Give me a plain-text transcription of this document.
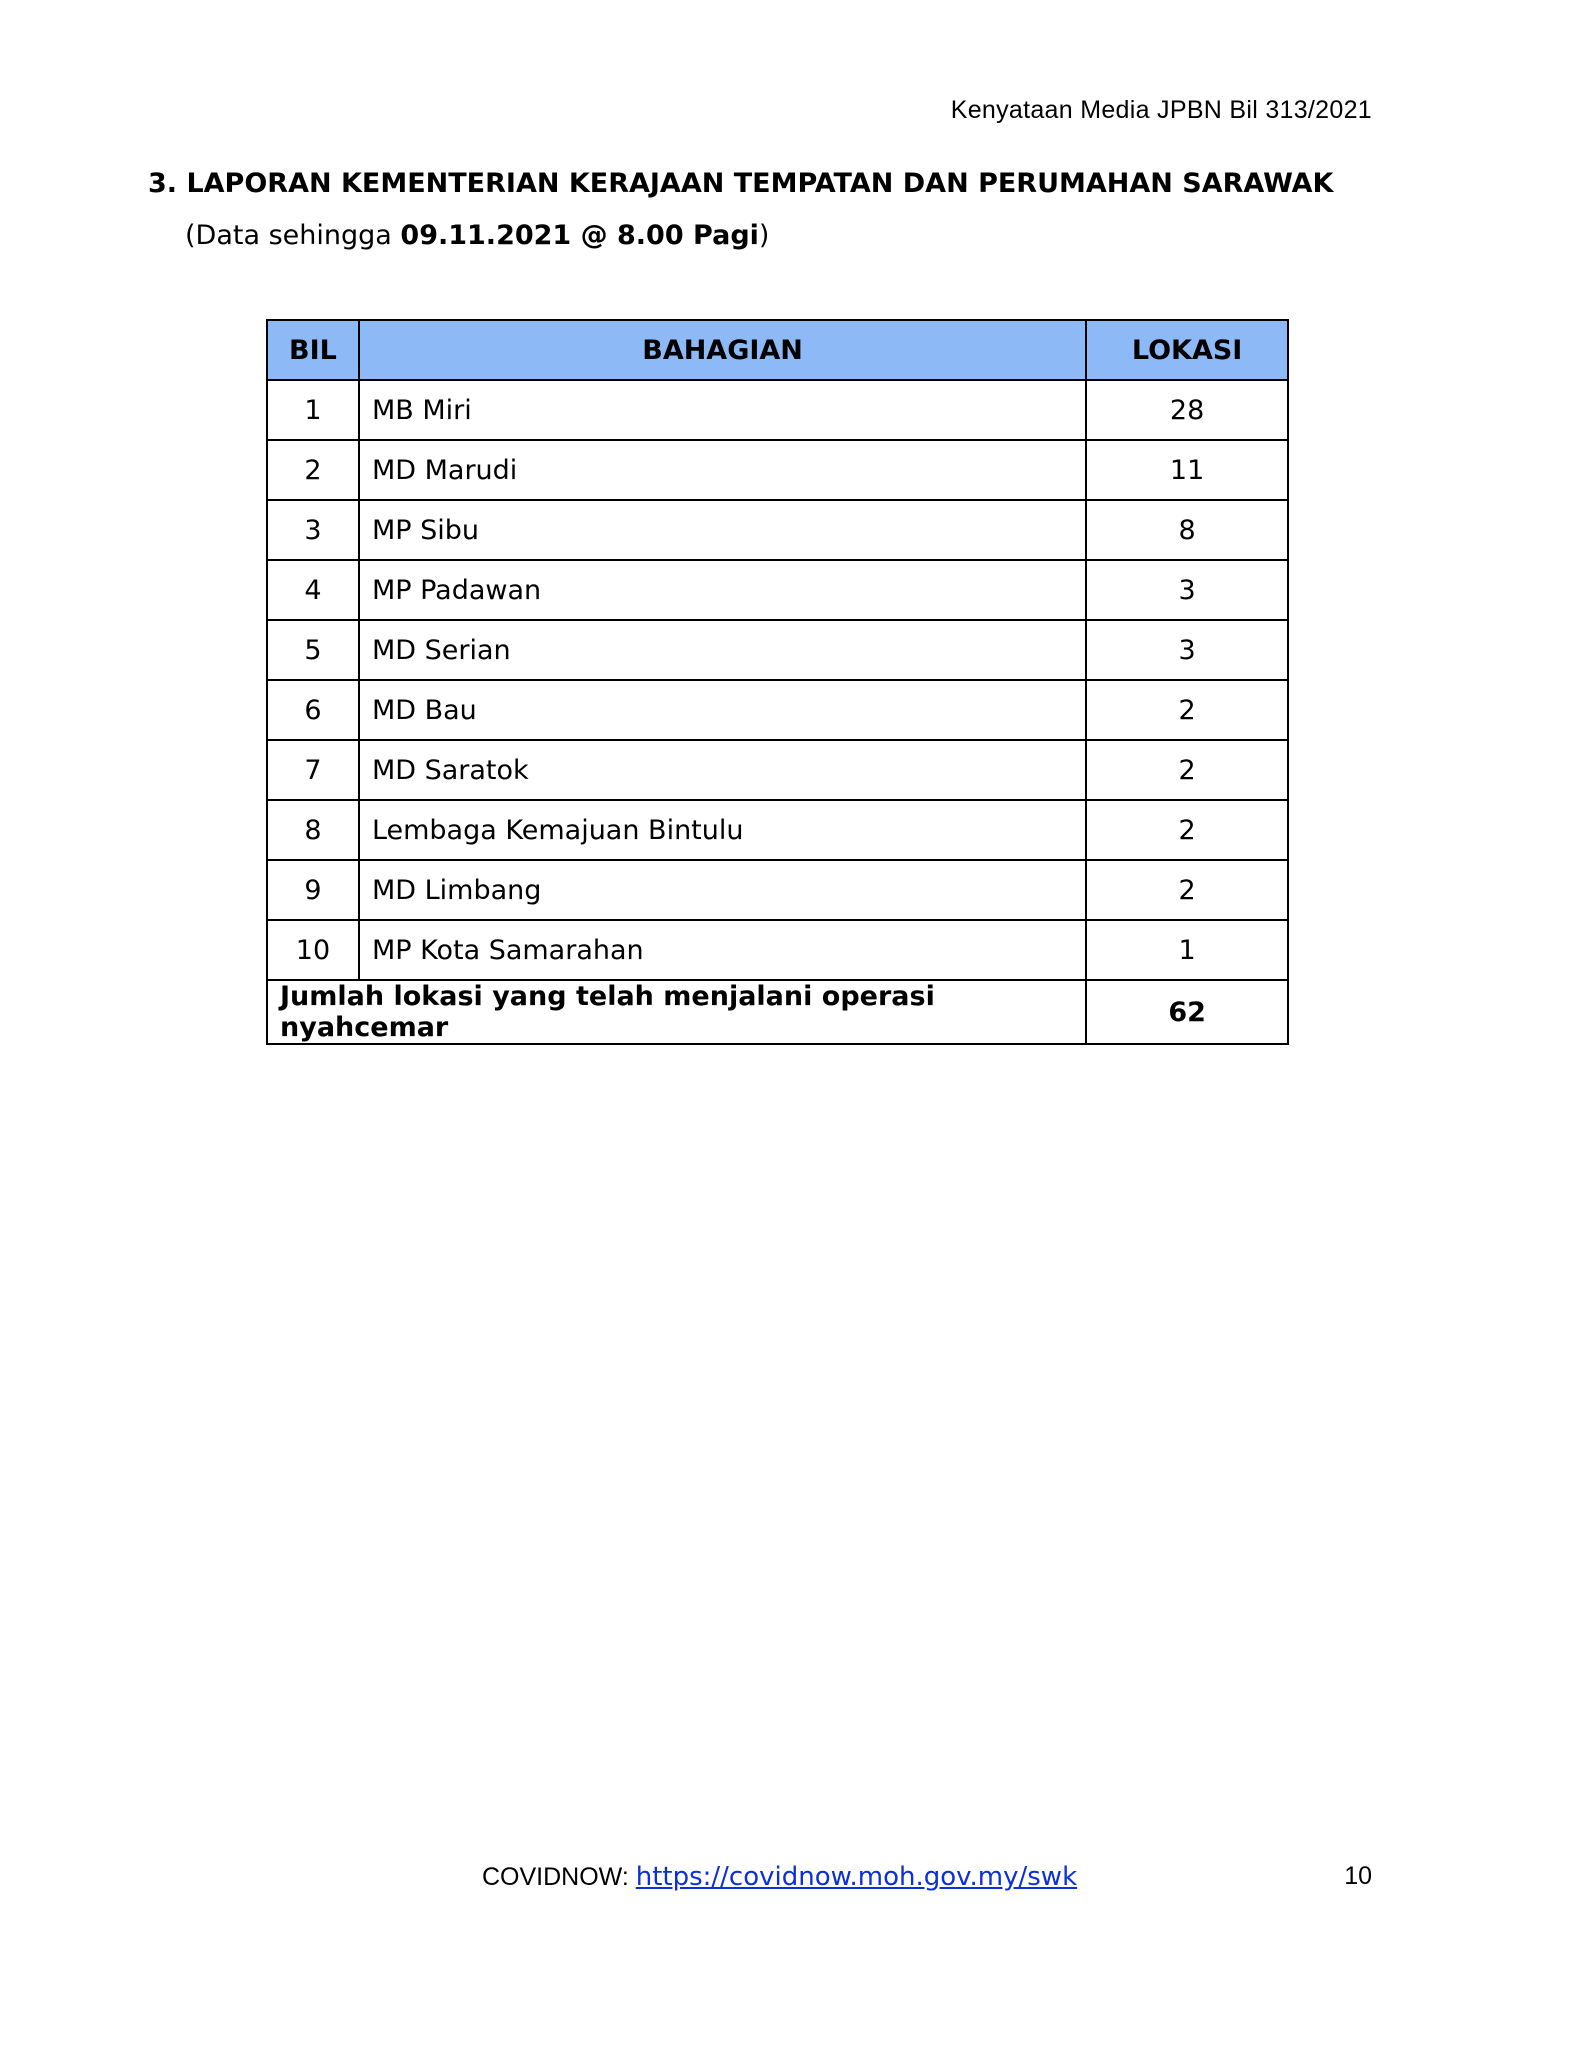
Kenyataan Media JPBN Bil 313/2021
3. LAPORAN KEMENTERIAN KERAJAAN TEMPATAN DAN PERUMAHAN SARAWAK
(Data sehingga 09.11.2021 @ 8.00 Pagi)
BIL	BAHAGIAN	LOKASI
1	MB Miri	28
2	MD Marudi	11
3	MP Sibu	8
4	MP Padawan	3
5	MD Serian	3
6	MD Bau	2
7	MD Saratok	2
8	Lembaga Kemajuan Bintulu	2
9	MD Limbang	2
10	MP Kota Samarahan	1
Jumlah lokasi yang telah menjalani operasi nyahcemar		62
COVIDNOW: https://covidnow.moh.gov.my/swk	10
